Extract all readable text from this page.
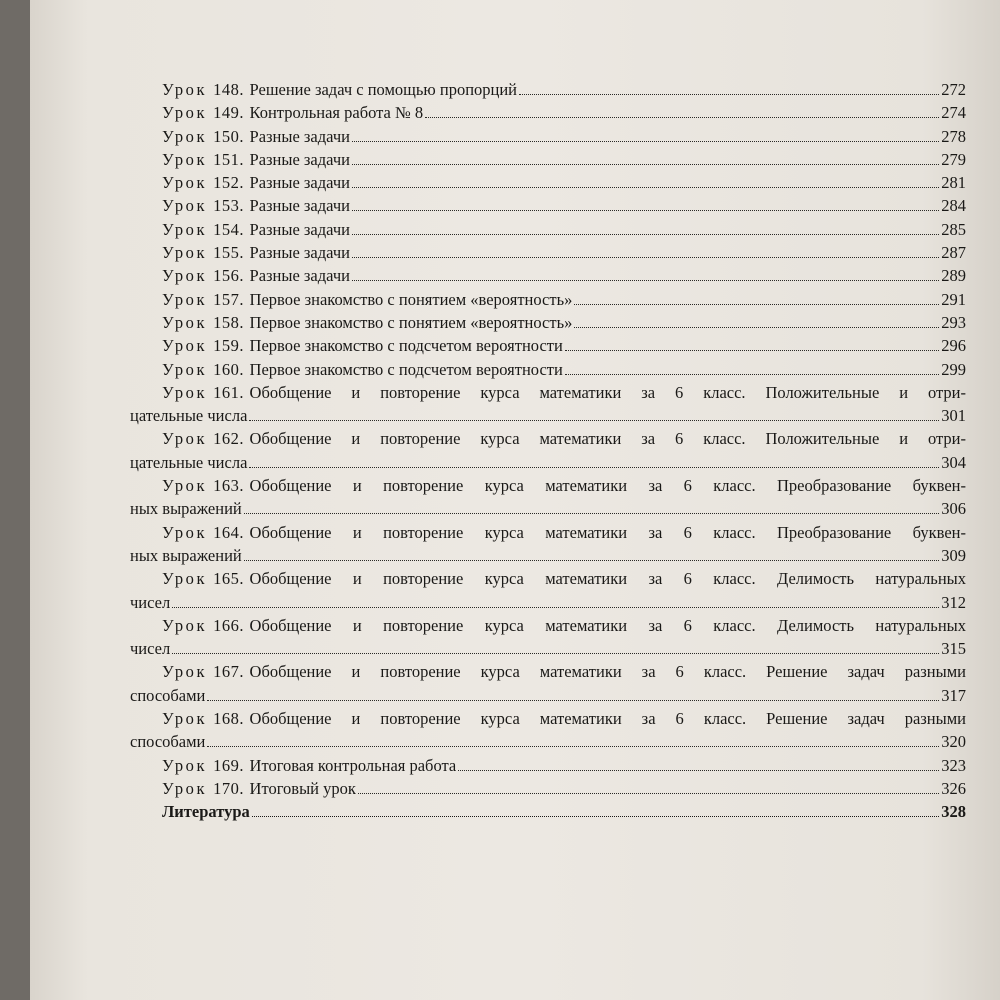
Урок 148 . Решение задач с помощью пропорций	272
Урок 149 . Контрольная работа № 8	274
Урок 150 . Разные задачи	278
Урок 151 . Разные задачи	279
Урок 152 . Разные задачи	281
Урок 153 . Разные задачи	284
Урок 154 . Разные задачи	285
Урок 155 . Разные задачи	287
Урок 156 . Разные задачи	289
Урок 157 . Первое знакомство с понятием «вероятность»	291
Урок 158 . Первое знакомство с понятием «вероятность»	293
Урок 159 . Первое знакомство с подсчетом вероятности	296
Урок 160 . Первое знакомство с подсчетом вероятности	299
Урок 161 . Обобщение и повторение курса математики за 6 класс. Положительные и отри-
цательные числа	301
Урок 162 . Обобщение и повторение курса математики за 6 класс. Положительные и отри-
цательные числа	304
Урок 163 . Обобщение и повторение курса математики за 6 класс. Преобразование буквен-
ных выражений	306
Урок 164 . Обобщение и повторение курса математики за 6 класс. Преобразование буквен-
ных выражений	309
Урок 165 . Обобщение и повторение курса математики за 6 класс. Делимость натуральных
чисел	312
Урок 166 . Обобщение и повторение курса математики за 6 класс. Делимость натуральных
чисел	315
Урок 167 . Обобщение и повторение курса математики за 6 класс. Решение задач разными
способами	317
Урок 168 . Обобщение и повторение курса математики за 6 класс. Решение задач разными
способами	320
Урок 169 . Итоговая контрольная работа	323
Урок 170 . Итоговый урок	326
Литература	328
